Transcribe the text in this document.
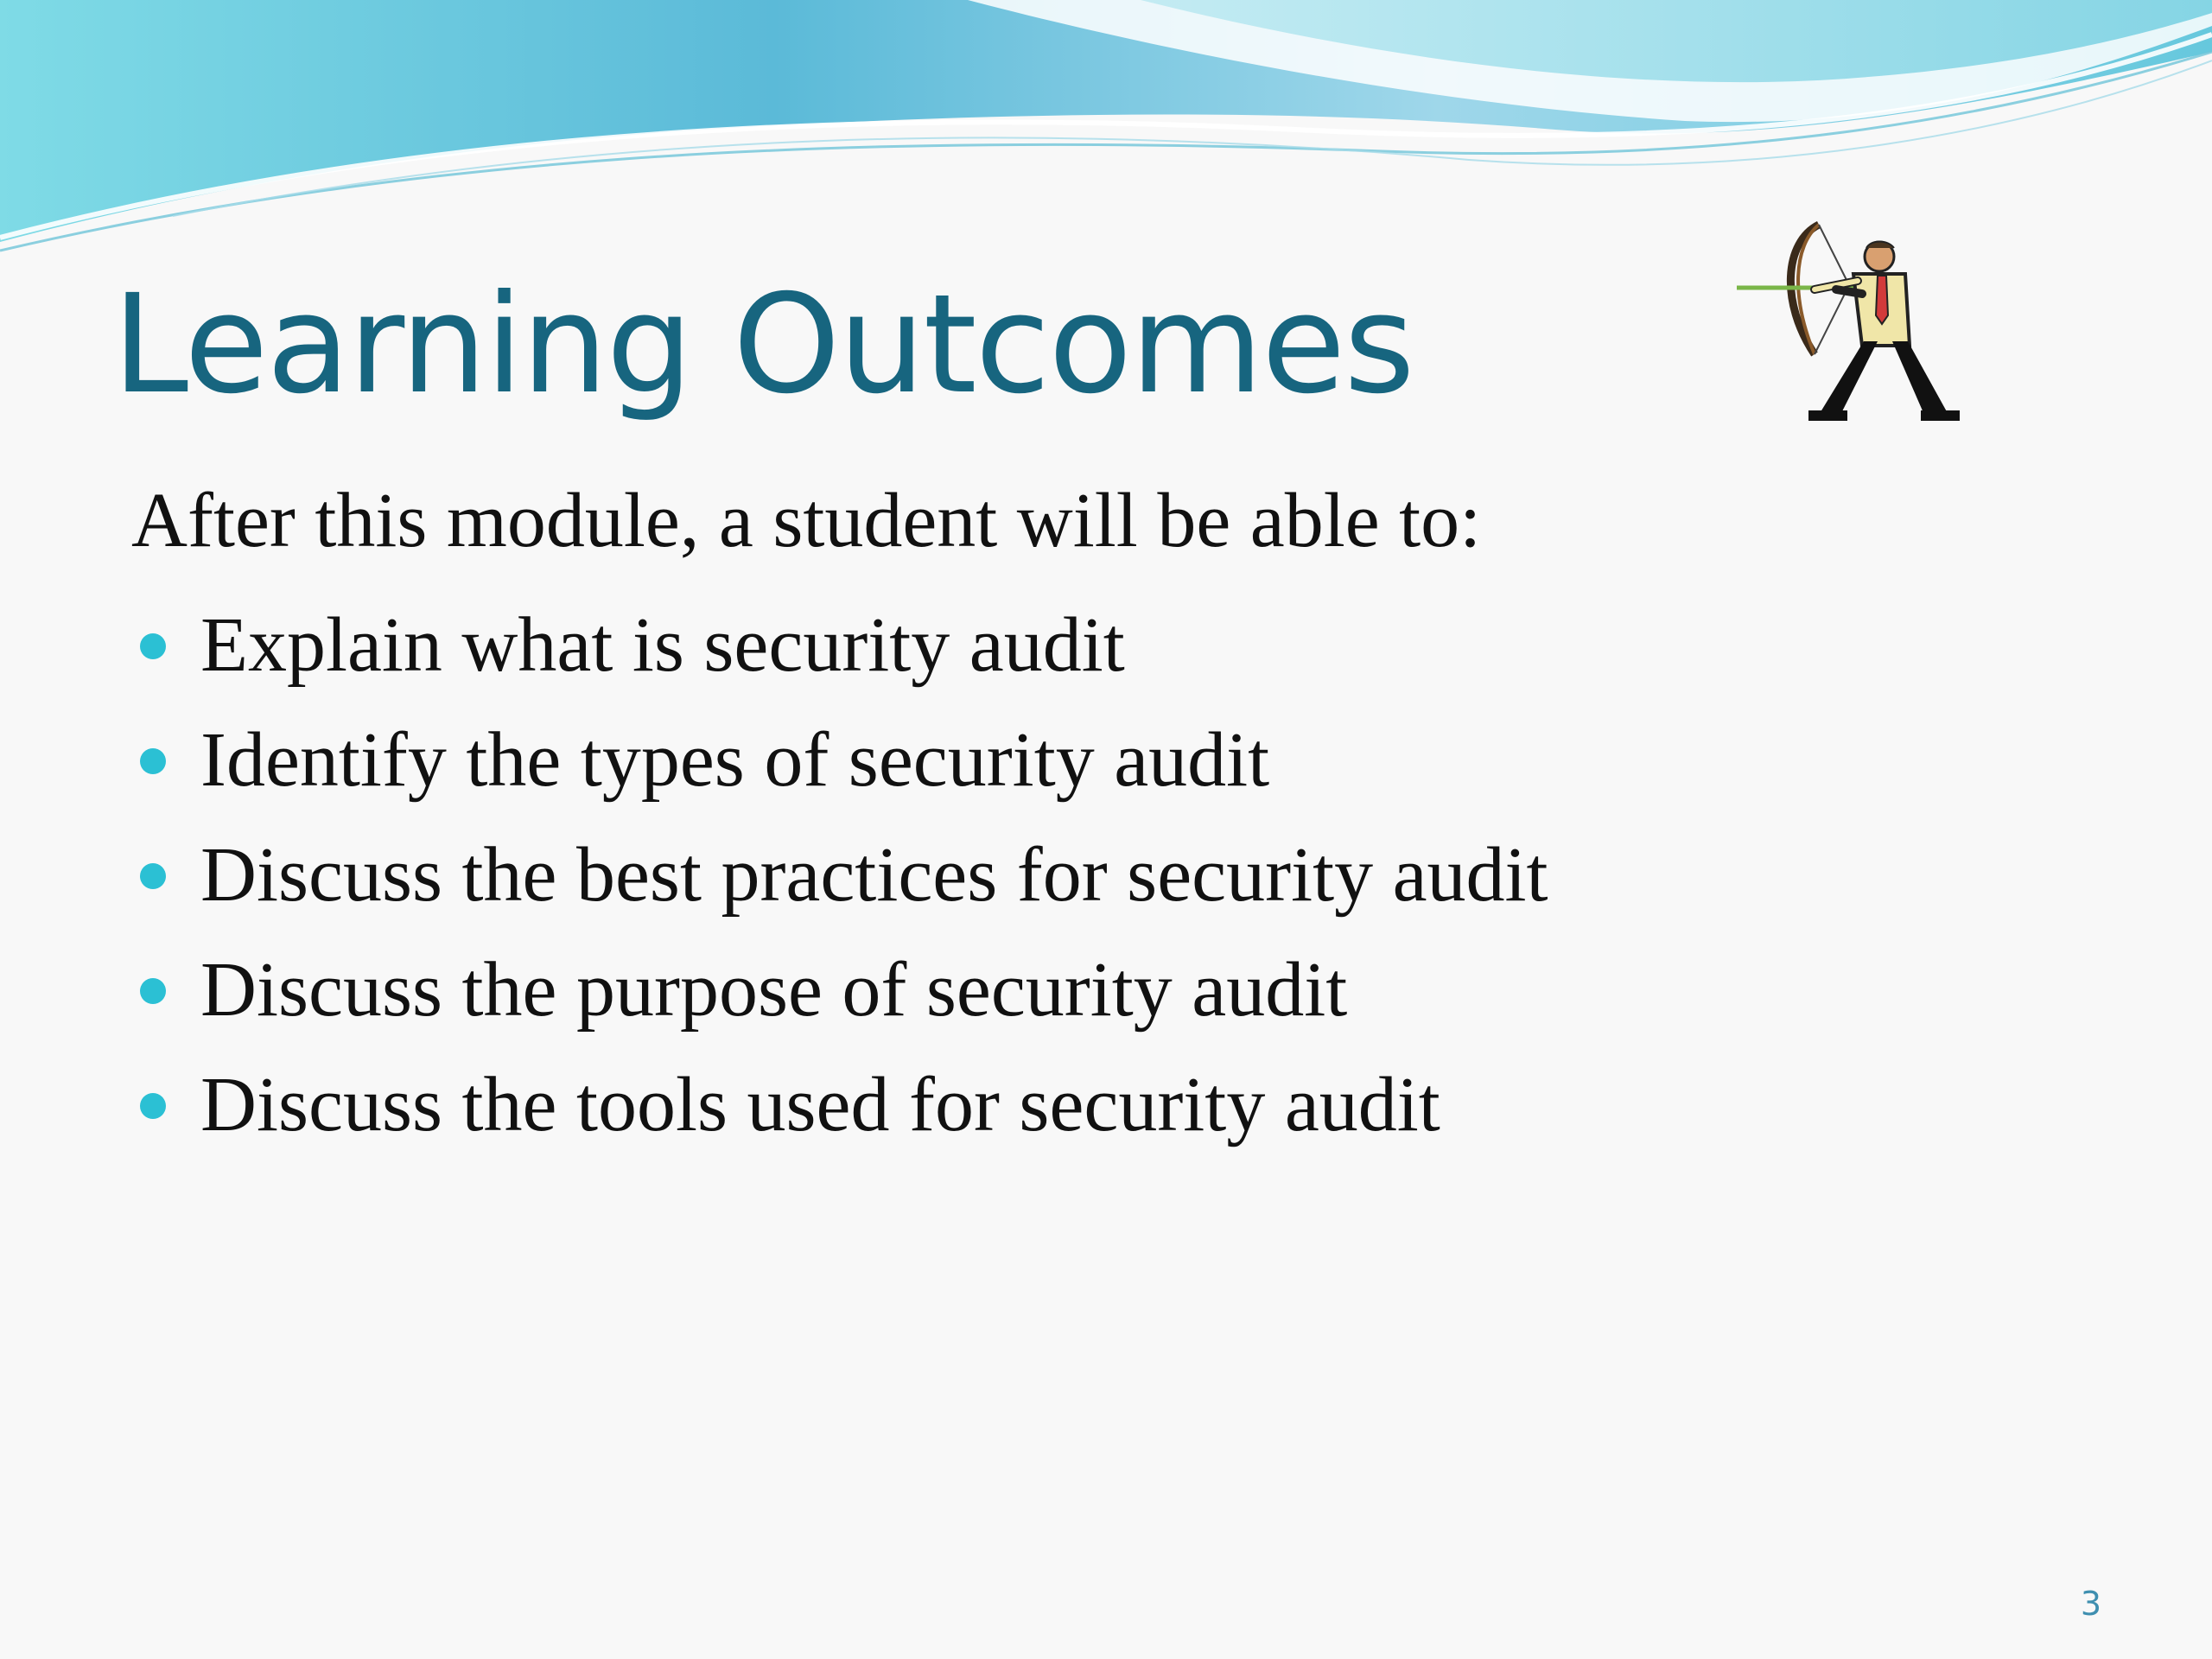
Learning Outcomes

After this module, a student will be able to:

Explain what is security audit
Identify the types of security audit
Discuss the best practices for security audit
Discuss the purpose of security audit
Discuss the tools used for security audit
3
